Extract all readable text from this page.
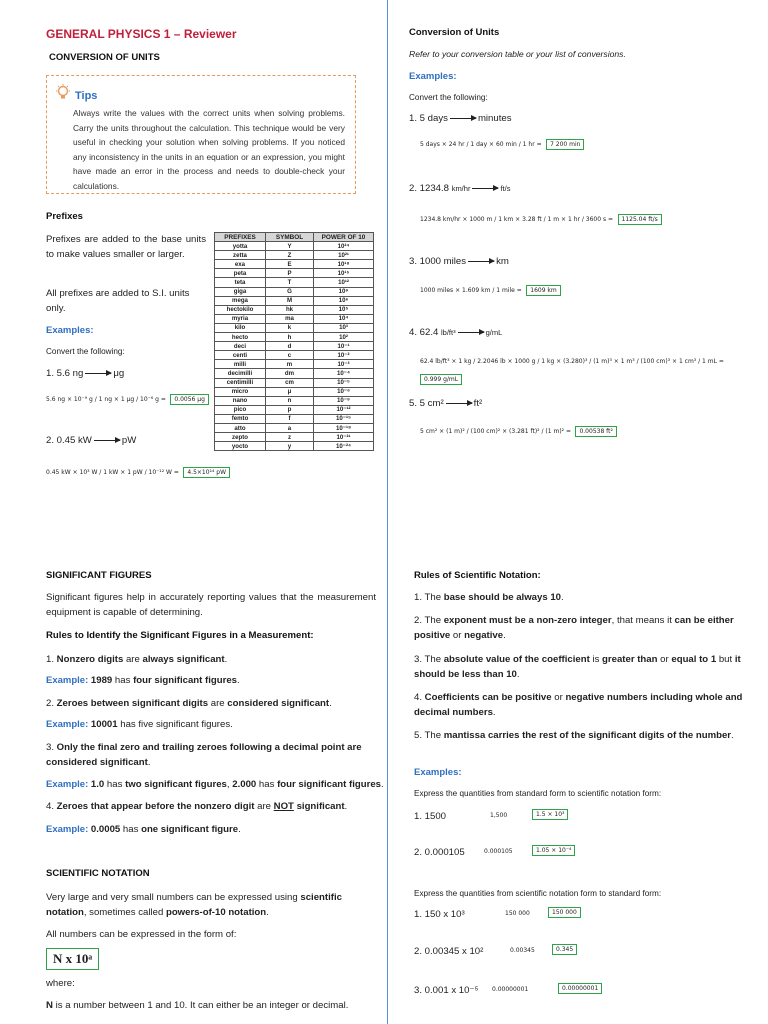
GENERAL PHYSICS 1 – Reviewer
CONVERSION OF UNITS
Tips
Always write the values with the correct units when solving problems. Carry the units throughout the calculation. This technique would be very useful in checking your solution when solving problems. If you noticed any inconsistency in the units in an equation or an expression, you might have made an error in the process and needs to double-check your calculations.
Prefixes
Prefixes are added to the base units to make values smaller or larger.
All prefixes are added to S.I. units only.
Examples:
Convert the following:
1. 5.6 ng	μg
5.6 ng × 10⁻⁹ g / 1 ng × 1 μg / 10⁻⁶ g = 0.0056 μg
2. 0.45 kW	pW
0.45 kW × 10³ W / 1 kW × 1 pW / 10⁻¹² W = 4.5×10¹⁴ pW
PREFIXES	SYMBOL	POWER OF 10
yotta	Y	10²⁴
zetta	Z	10²¹
exa	E	10¹⁸
peta	P	10¹⁵
teta	T	10¹²
giga	G	10⁹
mega	M	10⁶
hectokilo	hk	10⁵
myria	ma	10⁴
kilo	k	10³
hecto	h	10²
deci	d	10⁻¹
centi	c	10⁻²
milli	m	10⁻³
decimilli	dm	10⁻⁴
centimilli	cm	10⁻⁵
micro	μ	10⁻⁶
nano	n	10⁻⁹
pico	p	10⁻¹²
femto	f	10⁻¹⁵
atto	a	10⁻¹⁸
zepto	z	10⁻²¹
yocto	y	10⁻²⁴
SIGNIFICANT FIGURES
Significant figures help in accurately reporting values that the measurement equipment is capable of determining.
Rules to Identify the Significant Figures in a Measurement:
1. Nonzero digits are always significant.
Example: 1989 has four significant figures.
2. Zeroes between significant digits are considered significant.
Example: 10001 has five significant figures.
3. Only the final zero and trailing zeroes following a decimal point are considered significant.
Example: 1.0 has two significant figures, 2.000 has four significant figures.
4. Zeroes that appear before the nonzero digit are NOT significant.
Example: 0.0005 has one significant figure.
SCIENTIFIC NOTATION
Very large and very small numbers can be expressed using scientific notation, sometimes called powers-of-10 notation.
All numbers can be expressed in the form of:
N x 10ᵃ
where:
N is a number between 1 and 10. It can either be an integer or decimal.
Conversion of Units
Refer to your conversion table or your list of conversions.
Examples:
Convert the following:
1. 5 days	minutes
5 days × 24 hr / 1 day × 60 min / 1 hr = 7 200 min
2. 1234.8 km/hr	ft/s
1234.8 km/hr × 1000 m / 1 km × 3.28 ft / 1 m × 1 hr / 3600 s = 1125.04 ft/s
3. 1000 miles	km
1000 miles × 1.609 km / 1 mile = 1609 km
4. 62.4 lb/ft³	g/mL
62.4 lb/ft³ × 1 kg / 2.2046 lb × 1000 g / 1 kg × (3.280)³ / (1 m)³ × 1 m³ / (100 cm)³ × 1 cm³ / 1 mL = 0.999 g/mL
5. 5 cm²	ft²
5 cm² × (1 m)² / (100 cm)² × (3.281 ft)² / (1 m)² = 0.00538 ft²
Rules of Scientific Notation:
1. The base should be always 10.
2. The exponent must be a non-zero integer, that means it can be either positive or negative.
3. The absolute value of the coefficient is greater than or equal to 1 but it should be less than 10.
4. Coefficients can be positive or negative numbers including whole and decimal numbers.
5. The mantissa carries the rest of the significant digits of the number.
Examples:
Express the quantities from standard form to scientific notation form:
1. 1500	1,500	1.5 × 10³
2. 0.000105	0.000105	1.05 × 10⁻⁴
Express the quantities from scientific notation form to standard form:
1. 150 x 10³	150 000	150 000
2. 0.00345 x 10²	0.00345	0.345
3. 0.001 x 10⁻⁵ 0.00000001	0.00000001
